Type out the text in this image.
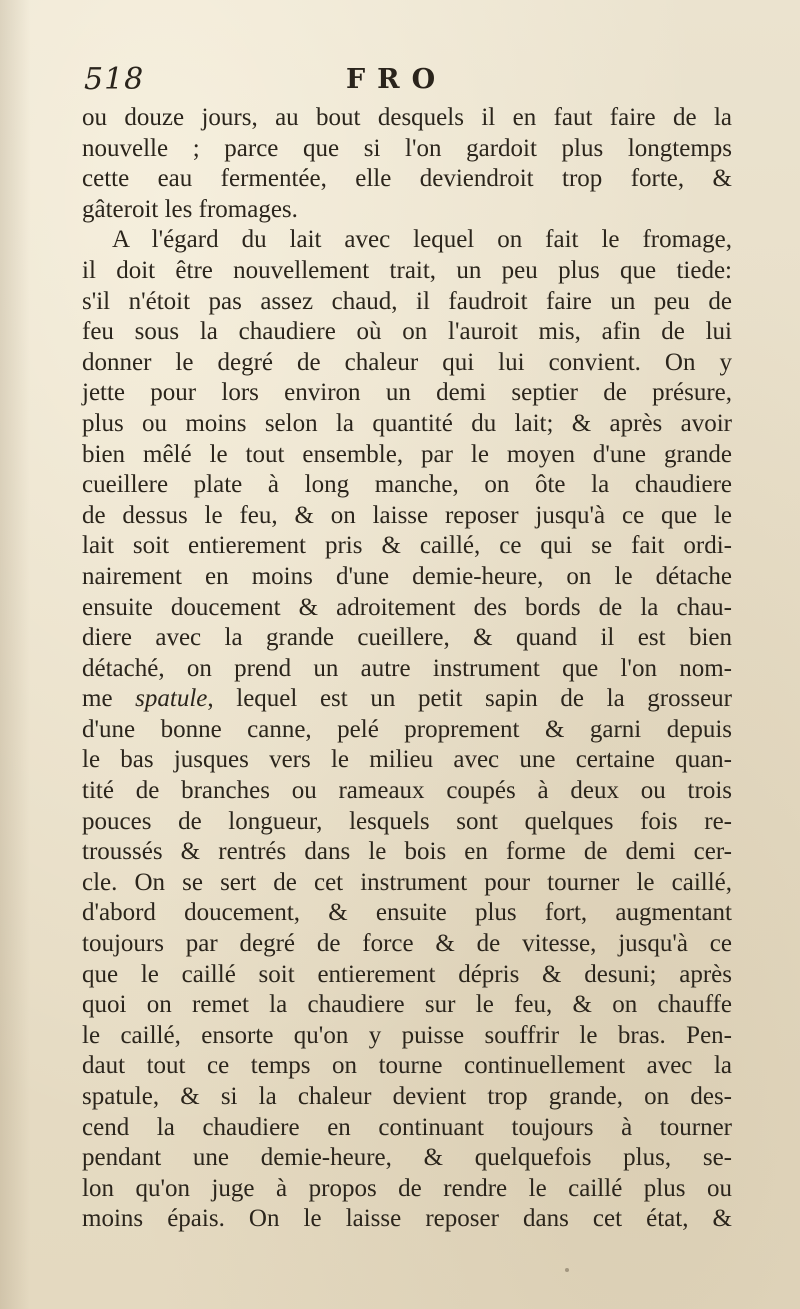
518	FRO
ou douze jours, au bout desquels il en faut faire de la
nouvelle ; parce que si l'on gardoit plus longtemps
cette eau fermentée, elle deviendroit trop forte, &
gâteroit les fromages.
A l'égard du lait avec lequel on fait le fromage,
il doit être nouvellement trait, un peu plus que tiede:
s'il n'étoit pas assez chaud, il faudroit faire un peu de
feu sous la chaudiere où on l'auroit mis, afin de lui
donner le degré de chaleur qui lui convient. On y
jette pour lors environ un demi septier de présure,
plus ou moins selon la quantité du lait; & après avoir
bien mêlé le tout ensemble, par le moyen d'une grande
cueillere plate à long manche, on ôte la chaudiere
de dessus le feu, & on laisse reposer jusqu'à ce que le
lait soit entierement pris & caillé, ce qui se fait ordi-
nairement en moins d'une demie-heure, on le détache
ensuite doucement & adroitement des bords de la chau-
diere avec la grande cueillere, & quand il est bien
détaché, on prend un autre instrument que l'on nom-
me spatule, lequel est un petit sapin de la grosseur
d'une bonne canne, pelé proprement & garni depuis
le bas jusques vers le milieu avec une certaine quan-
tité de branches ou rameaux coupés à deux ou trois
pouces de longueur, lesquels sont quelques fois re-
troussés & rentrés dans le bois en forme de demi cer-
cle. On se sert de cet instrument pour tourner le caillé,
d'abord doucement, & ensuite plus fort, augmentant
toujours par degré de force & de vitesse, jusqu'à ce
que le caillé soit entierement dépris & desuni; après
quoi on remet la chaudiere sur le feu, & on chauffe
le caillé, ensorte qu'on y puisse souffrir le bras. Pen-
daut tout ce temps on tourne continuellement avec la
spatule, & si la chaleur devient trop grande, on des-
cend la chaudiere en continuant toujours à tourner
pendant une demie-heure, & quelquefois plus, se-
lon qu'on juge à propos de rendre le caillé plus ou
moins épais. On le laisse reposer dans cet état, &
